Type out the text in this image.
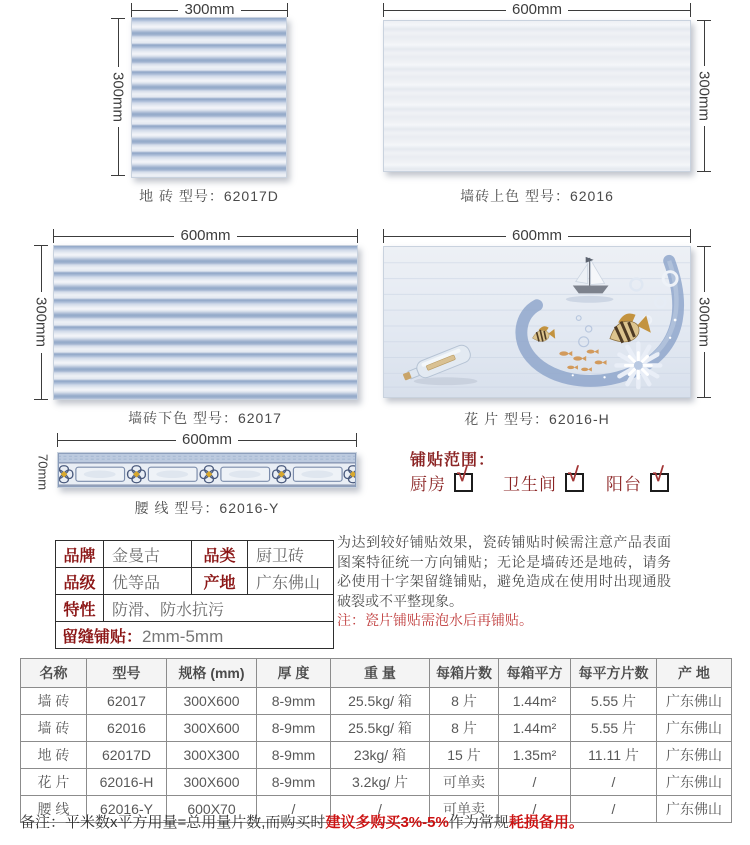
300mm
300mm
地 砖 型号：62017D
600mm
300mm
墙砖上色 型号：62016
600mm
300mm
墙砖下色 型号：62017
600mm
300mm
花 片 型号：62016-H
600mm
70mm
腰 线 型号：62016-Y
铺贴范围：
厨房 √ 卫生间 √ 阳台 √
品牌	金曼古	品类	厨卫砖
品级	优等品	产地	广东佛山
特性	防滑、防水抗污		
留缝铺贴：2mm-5mm			
为达到较好铺贴效果，瓷砖铺贴时候需注意产品表面图案特征统一方向铺贴；无论是墙砖还是地砖，请务必使用十字架留缝铺贴，避免造成在使用时出现通股破裂或不平整现象。
注：瓷片铺贴需泡水后再铺贴。
名称	型号	规格 (mm)	厚 度	重 量	每箱片数	每箱平方	每平方片数	产 地
墙 砖	62017	300X600	8-9mm	25.5kg/ 箱	8 片	1.44m²	5.55 片	广东佛山
墙 砖	62016	300X600	8-9mm	25.5kg/ 箱	8 片	1.44m²	5.55 片	广东佛山
地 砖	62017D	300X300	8-9mm	23kg/ 箱	15 片	1.35m²	11.11 片	广东佛山
花 片	62016-H	300X600	8-9mm	3.2kg/ 片	可单卖	/	/	广东佛山
腰 线	62016-Y	600X70	/	/	可单卖	/	/	广东佛山
备注：平米数x平方用量=总用量片数,而购买时建议多购买3%-5%作为常规耗损备用。
